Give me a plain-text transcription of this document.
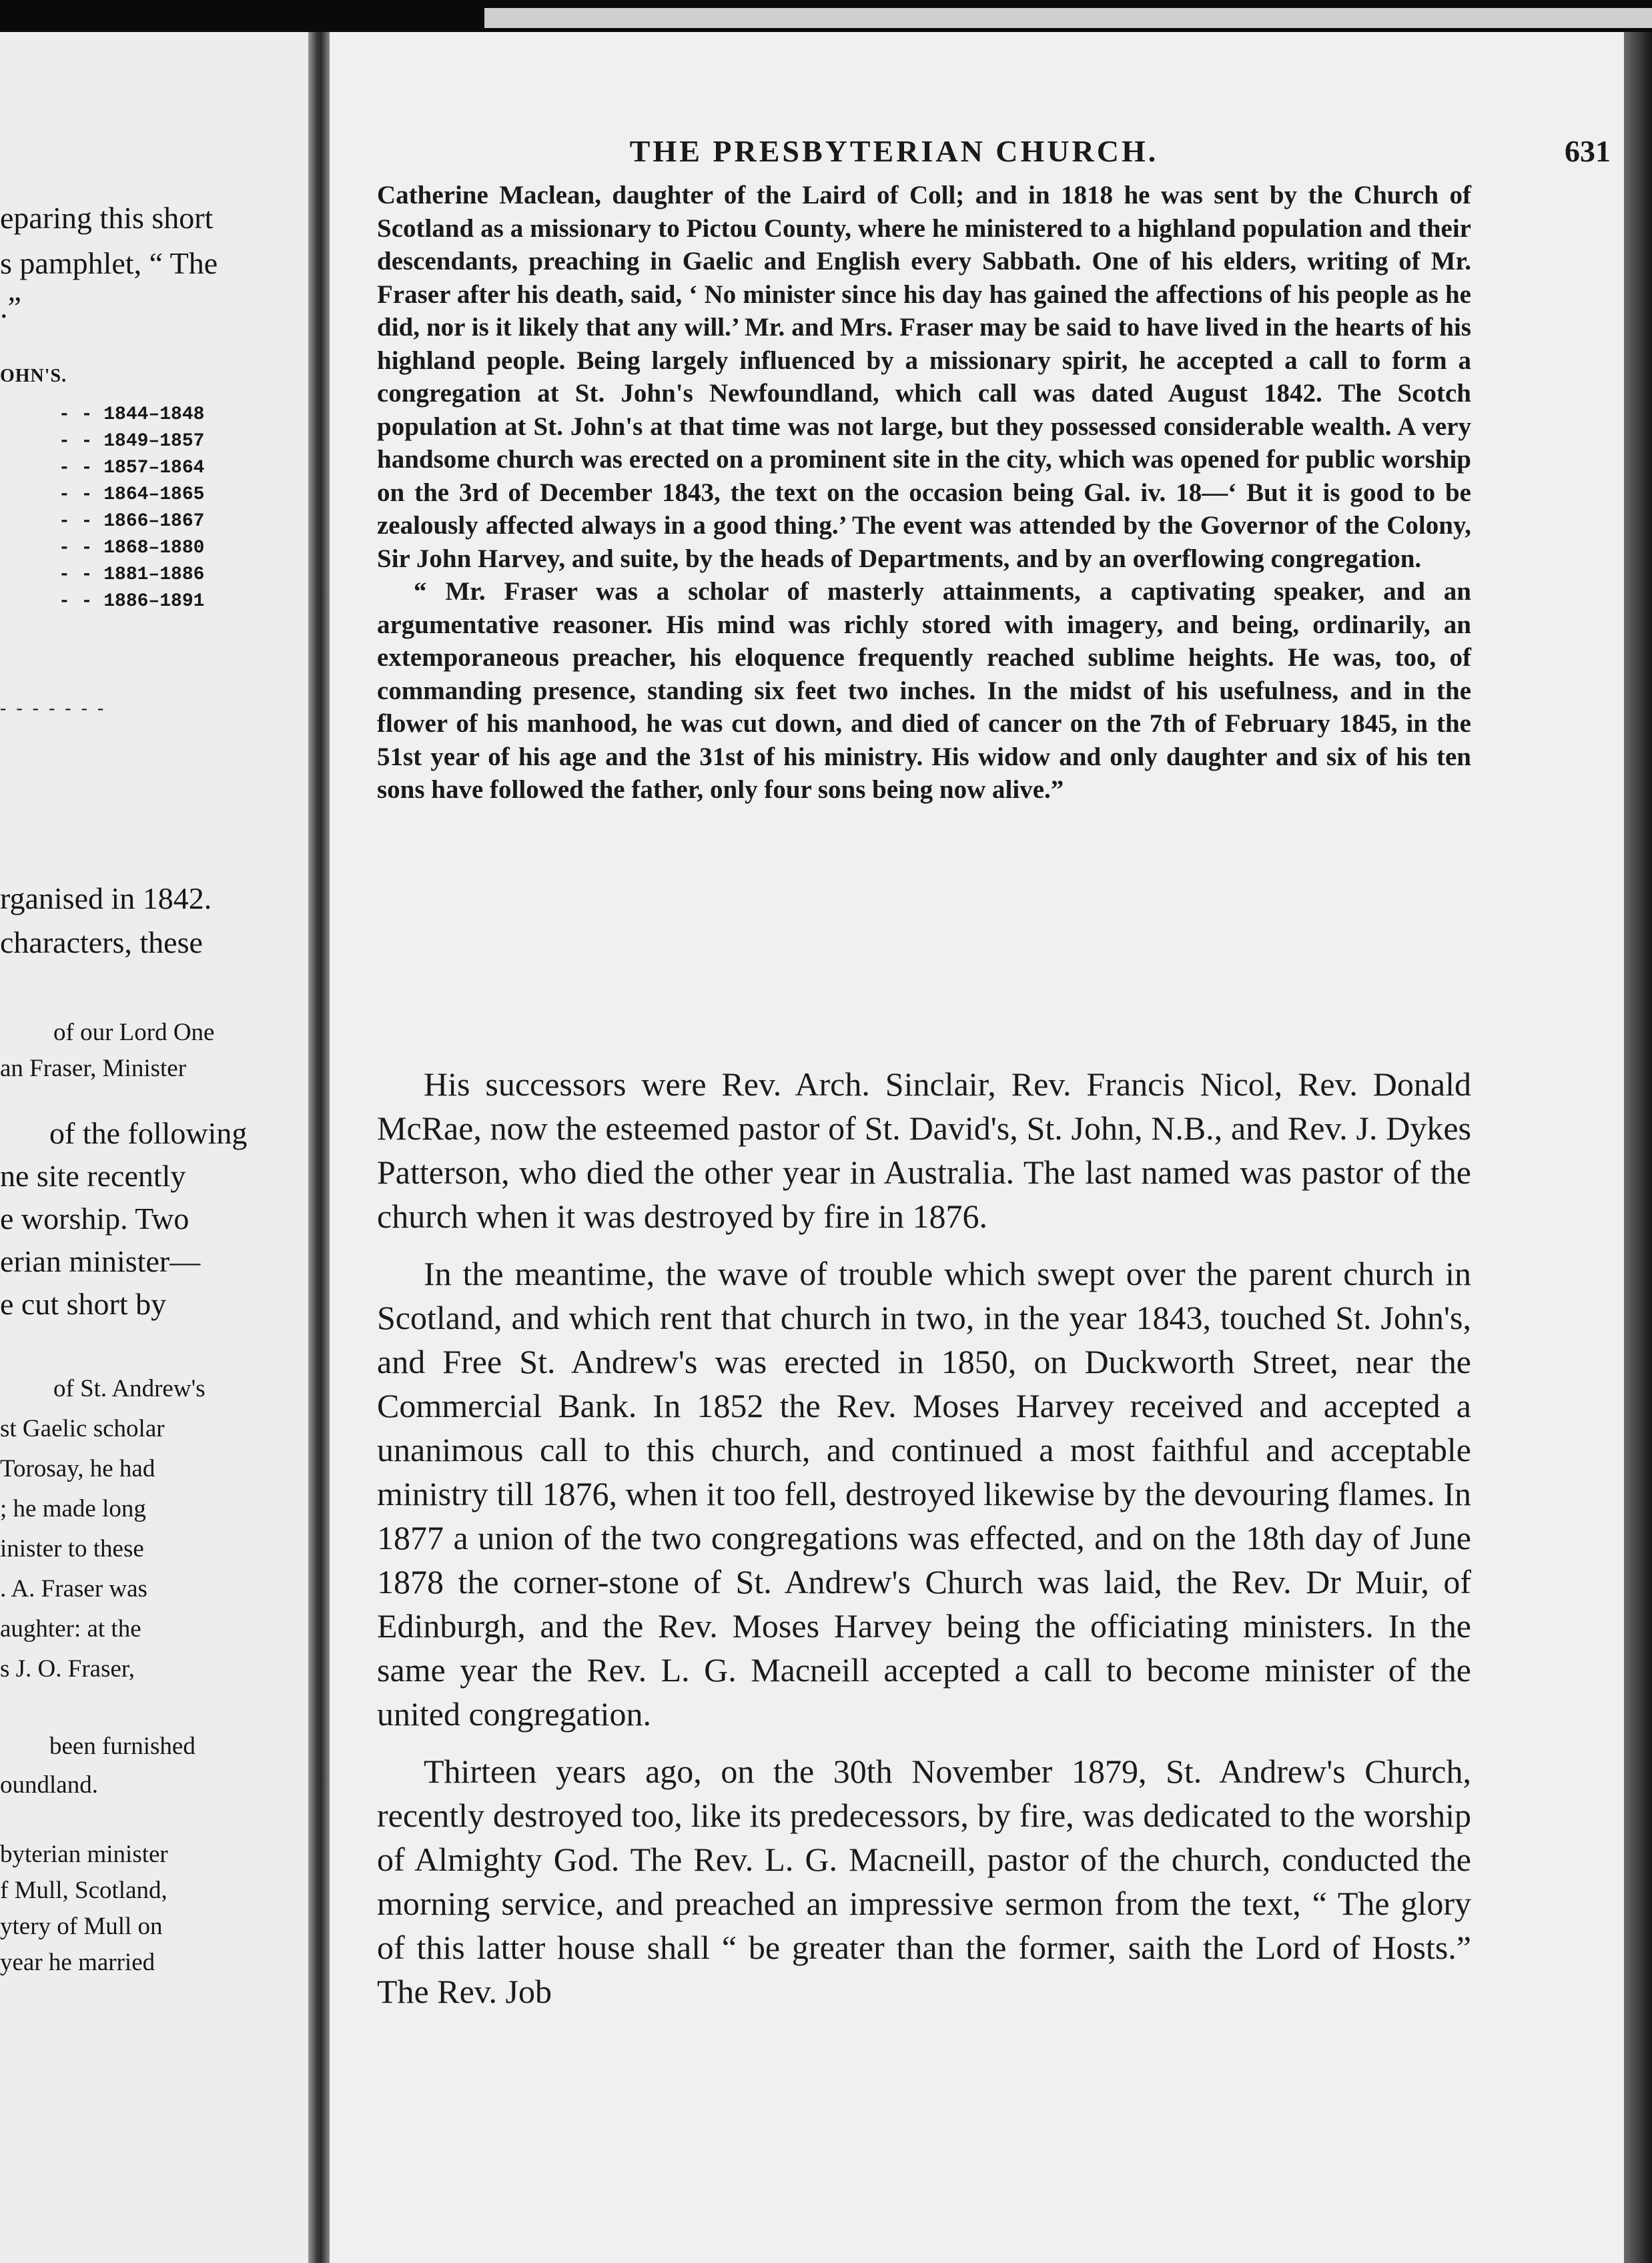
eparing this short
s pamphlet, “ The
.”
OHN'S.
- - 1844–1848
- - 1849–1857
- - 1857–1864
- - 1864–1865
- - 1866–1867
- - 1868–1880
- - 1881–1886
- - 1886–1891
- - - - - - -
rganised in 1842.
characters, these
of our Lord One
an Fraser, Minister
of the following
ne site recently
e worship. Two
erian minister—
e cut short by
of St. Andrew's
st Gaelic scholar
Torosay, he had
; he made long
inister to these
. A. Fraser was
aughter: at the
s J. O. Fraser,
been furnished
oundland.
byterian minister
f Mull, Scotland,
ytery of Mull on
year he married
THE PRESBYTERIAN CHURCH.	631

Catherine Maclean, daughter of the Laird of Coll; and in 1818 he was sent by the Church of Scotland as a missionary to Pictou County, where he ministered to a highland population and their descendants, preaching in Gaelic and English every Sabbath. One of his elders, writing of Mr. Fraser after his death, said, ‘ No minister since his day has gained the affections of his people as he did, nor is it likely that any will.’ Mr. and Mrs. Fraser may be said to have lived in the hearts of his highland people. Being largely influenced by a missionary spirit, he accepted a call to form a congregation at St. John's Newfoundland, which call was dated August 1842. The Scotch population at St. John's at that time was not large, but they possessed considerable wealth. A very handsome church was erected on a prominent site in the city, which was opened for public worship on the 3rd of December 1843, the text on the occasion being Gal. iv. 18—‘ But it is good to be zealously affected always in a good thing.’ The event was attended by the Governor of the Colony, Sir John Harvey, and suite, by the heads of Departments, and by an overflowing congregation.

“ Mr. Fraser was a scholar of masterly attainments, a captivating speaker, and an argumentative reasoner. His mind was richly stored with imagery, and being, ordinarily, an extemporaneous preacher, his eloquence frequently reached sublime heights. He was, too, of commanding presence, standing six feet two inches. In the midst of his usefulness, and in the flower of his manhood, he was cut down, and died of cancer on the 7th of February 1845, in the 51st year of his age and the 31st of his ministry. His widow and only daughter and six of his ten sons have followed the father, only four sons being now alive.”

His successors were Rev. Arch. Sinclair, Rev. Francis Nicol, Rev. Donald McRae, now the esteemed pastor of St. David's, St. John, N.B., and Rev. J. Dykes Patterson, who died the other year in Australia. The last named was pastor of the church when it was destroyed by fire in 1876.

In the meantime, the wave of trouble which swept over the parent church in Scotland, and which rent that church in two, in the year 1843, touched St. John's, and Free St. Andrew's was erected in 1850, on Duckworth Street, near the Commercial Bank. In 1852 the Rev. Moses Harvey received and accepted a unanimous call to this church, and continued a most faithful and acceptable ministry till 1876, when it too fell, destroyed likewise by the devouring flames. In 1877 a union of the two congregations was effected, and on the 18th day of June 1878 the corner-stone of St. Andrew's Church was laid, the Rev. Dr Muir, of Edinburgh, and the Rev. Moses Harvey being the officiating ministers. In the same year the Rev. L. G. Macneill accepted a call to become minister of the united congregation.

Thirteen years ago, on the 30th November 1879, St. Andrew's Church, recently destroyed too, like its predecessors, by fire, was dedicated to the worship of Almighty God. The Rev. L. G. Macneill, pastor of the church, conducted the morning service, and preached an impressive sermon from the text, “ The glory of this latter house shall “ be greater than the former, saith the Lord of Hosts.” The Rev. Job
